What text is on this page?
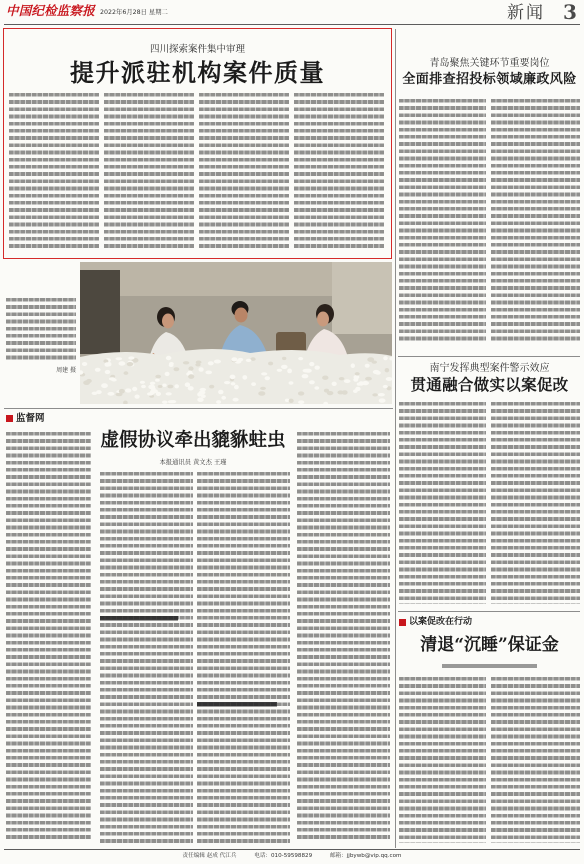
中国纪检监察报 2022年6月28日 星期二	新闻 3
四川探索案件集中审理
提升派驻机构案件质量
周建 摄
监督网
虚假协议牵出貔貅蛀虫
本报通讯员 黄文杰 王瑾
青岛聚焦关键环节重要岗位
全面排查招投标领域廉政风险
南宁发挥典型案件警示效应
贯通融合做实以案促改
以案促改在行动
清退“沉睡”保证金
责任编辑 赵成 代江兵	电话：010-59598829	邮箱：jjbywb@vip.qq.com
